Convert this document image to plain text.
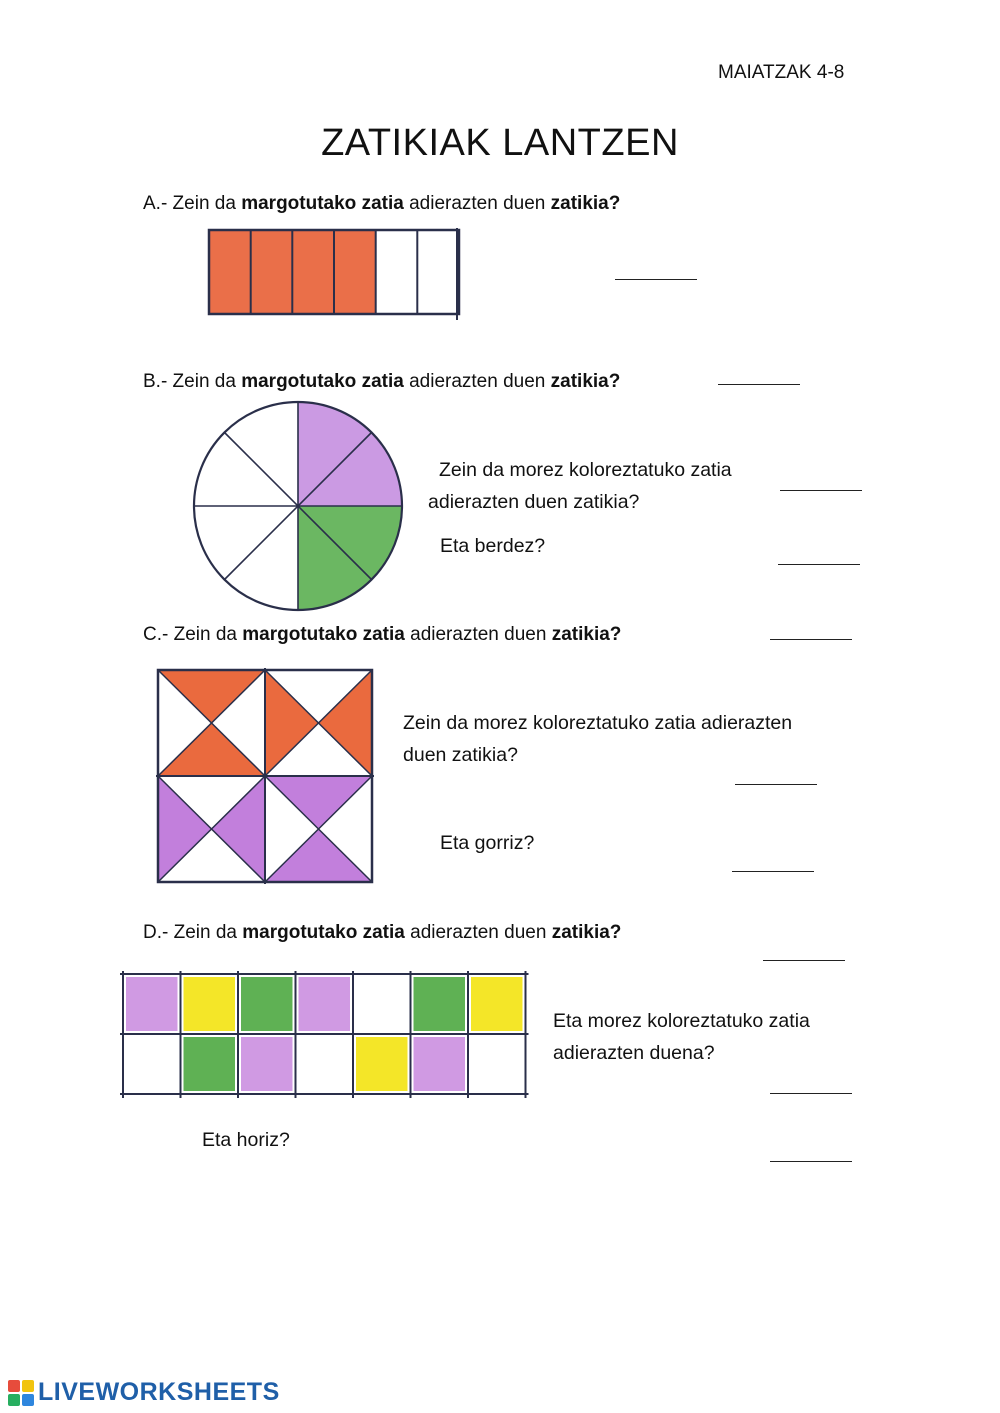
MAIATZAK 4-8
ZATIKIAK LANTZEN
A.- Zein da margotutako zatia adierazten duen zatikia?
B.- Zein da margotutako zatia adierazten duen zatikia?
Zein da morez koloreztatuko zatia
adierazten duen zatikia?
Eta berdez?
C.- Zein da margotutako zatia adierazten duen zatikia?
Zein da morez koloreztatuko zatia adierazten
duen zatikia?
Eta gorriz?
D.- Zein da margotutako zatia adierazten duen zatikia?
Eta morez koloreztatuko zatia
adierazten duena?
Eta horiz?
LIVEWORKSHEETS
